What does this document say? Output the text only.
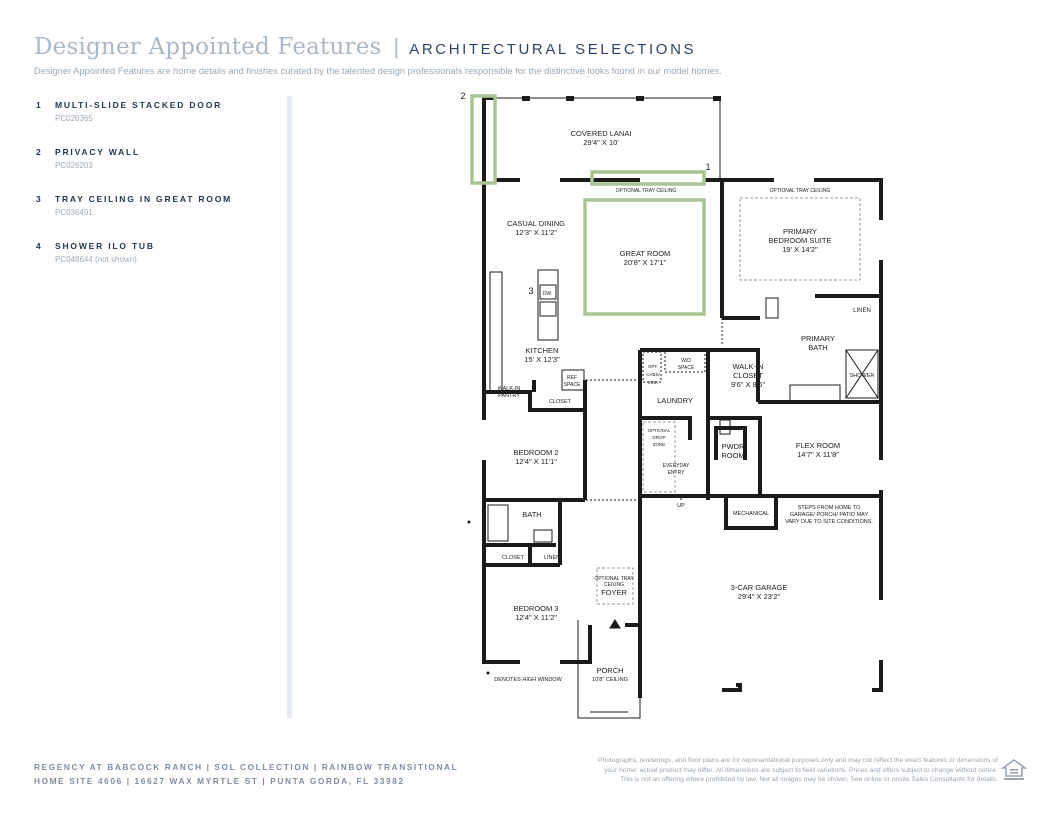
Designer Appointed Features | ARCHITECTURAL SELECTIONS
Designer Appointed Features are home details and finishes curated by the talented design professionals responsible for the distinctive looks found in our model homes.
1	MULTI-SLIDE STACKED DOOR
PC026365
2	PRIVACY WALL
PC026203
3	TRAY CEILING IN GREAT ROOM
PC036491
4	SHOWER ILO TUB
PC048644 (not shown)
1
2
3
COVERED LANAI
29'4" X 10'
OPTIONAL TRAY CEILING	OPTIONAL TRAY CEILING
CASUAL DINING
12'3" X 11'2"
GREAT ROOM
20'8" X 17'1"
PRIMARY
BEDROOM SUITE
19' X 14'2"
LINEN
PRIMARY
BATH
DW
KITCHEN
15' X 12'3"	W/D
SPACE
OPT.
CABS/
SINK
WALK-IN
CLOSET
9'6" X 8'6"
SHOWER
REF
SPACE
WALK-IN
PANTRY
CLOSET	LAUNDRY
OPTIONAL
DROP
ZONE	PWDR
ROOM
FLEX ROOM
14'7" X 11'8"
BEDROOM 2
12'4" X 11'1"	EVERYDAY
ENTRY
UP
MECHANICAL
STEPS FROM HOME TO
GARAGE/ PORCH/ PATIO MAY
VARY DUE TO SITE CONDITIONS.
BATH
CLOSET	LINEN
OPTIONAL TRAY
CEILING
FOYER
3-CAR GARAGE
29'4" X 23'2"
BEDROOM 3
12'4" X 11'2"
PORCH
10'8" CEILING
DENOTES HIGH WINDOW
REGENCY AT BABCOCK RANCH | SOL COLLECTION | RAINBOW TRANSITIONAL
HOME SITE 4606 | 16627 WAX MYRTLE ST | PUNTA GORDA, FL 33982
Photographs, renderings, and floor plans are for representational purposes only and may not reflect the exact features or dimensions of
your home; actual product may differ. All dimensions are subject to field variations. Prices and offers subject to change without notice.
This is not an offering where prohibited by law. Not all images may be shown. See online or onsite Sales Consultants for details.
